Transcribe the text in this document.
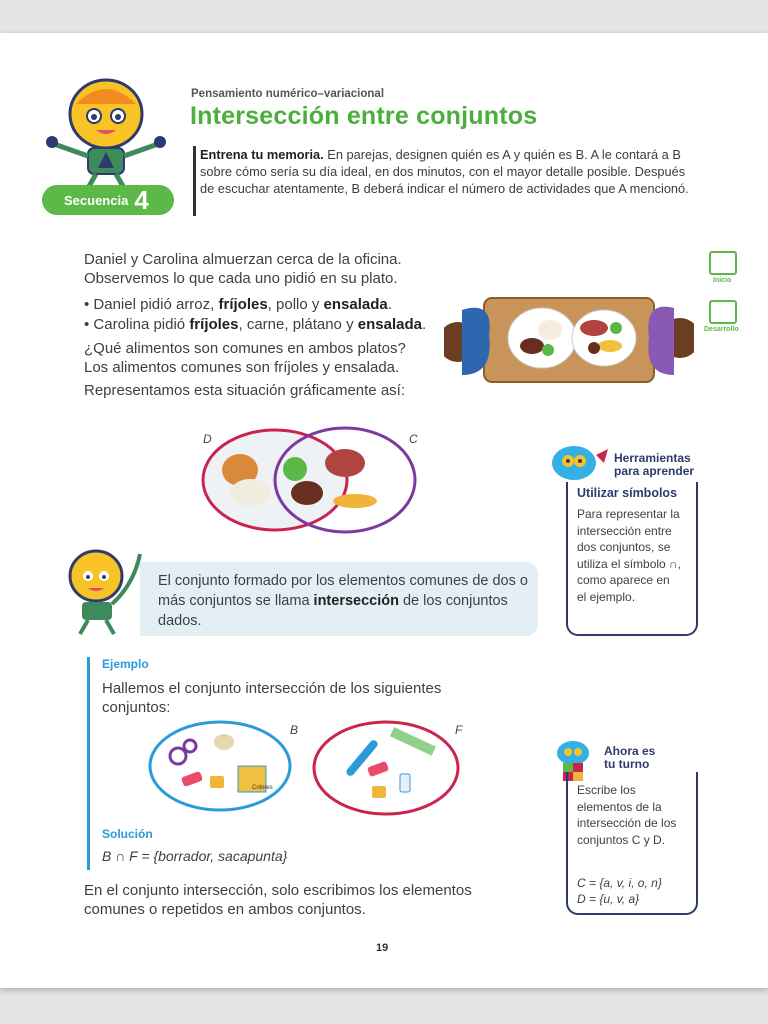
Secuencia 4
Pensamiento numérico–variacional
Intersección entre conjuntos
Entrena tu memoria. En parejas, designen quién es A y quién es B. A le contará a B sobre cómo sería su día ideal, en dos minutos, con el mayor detalle posible. Después de escuchar atentamente, B deberá indicar el número de actividades que A mencionó.
Inicio
Desarrollo
Daniel y Carolina almuerzan cerca de la oficina.
Observemos lo que cada uno pidió en su plato.
• Daniel pidió arroz, fríjoles, pollo y ensalada.
• Carolina pidió fríjoles, carne, plátano y ensalada.
¿Qué alimentos son comunes en ambos platos?
Los alimentos comunes son fríjoles y ensalada.
Representamos esta situación gráficamente así:
D	C
Herramientas
para aprender
Utilizar símbolos
Para representar la intersección entre dos conjuntos, se utiliza el símbolo ∩, como aparece en el ejemplo.
El conjunto formado por los elementos comunes de dos o más conjuntos se llama intersección de los conjuntos dados.
Ejemplo
Hallemos el conjunto intersección de los siguientes conjuntos:
B
Colores
F
Solución
B ∩ F = {borrador, sacapunta}
En el conjunto intersección, solo escribimos los elementos comunes o repetidos en ambos conjuntos.
Ahora es
tu turno
Escribe los elementos de la intersección de los conjuntos C y D.
C = {a, v, i, o, n}
D = {u, v, a}
19
